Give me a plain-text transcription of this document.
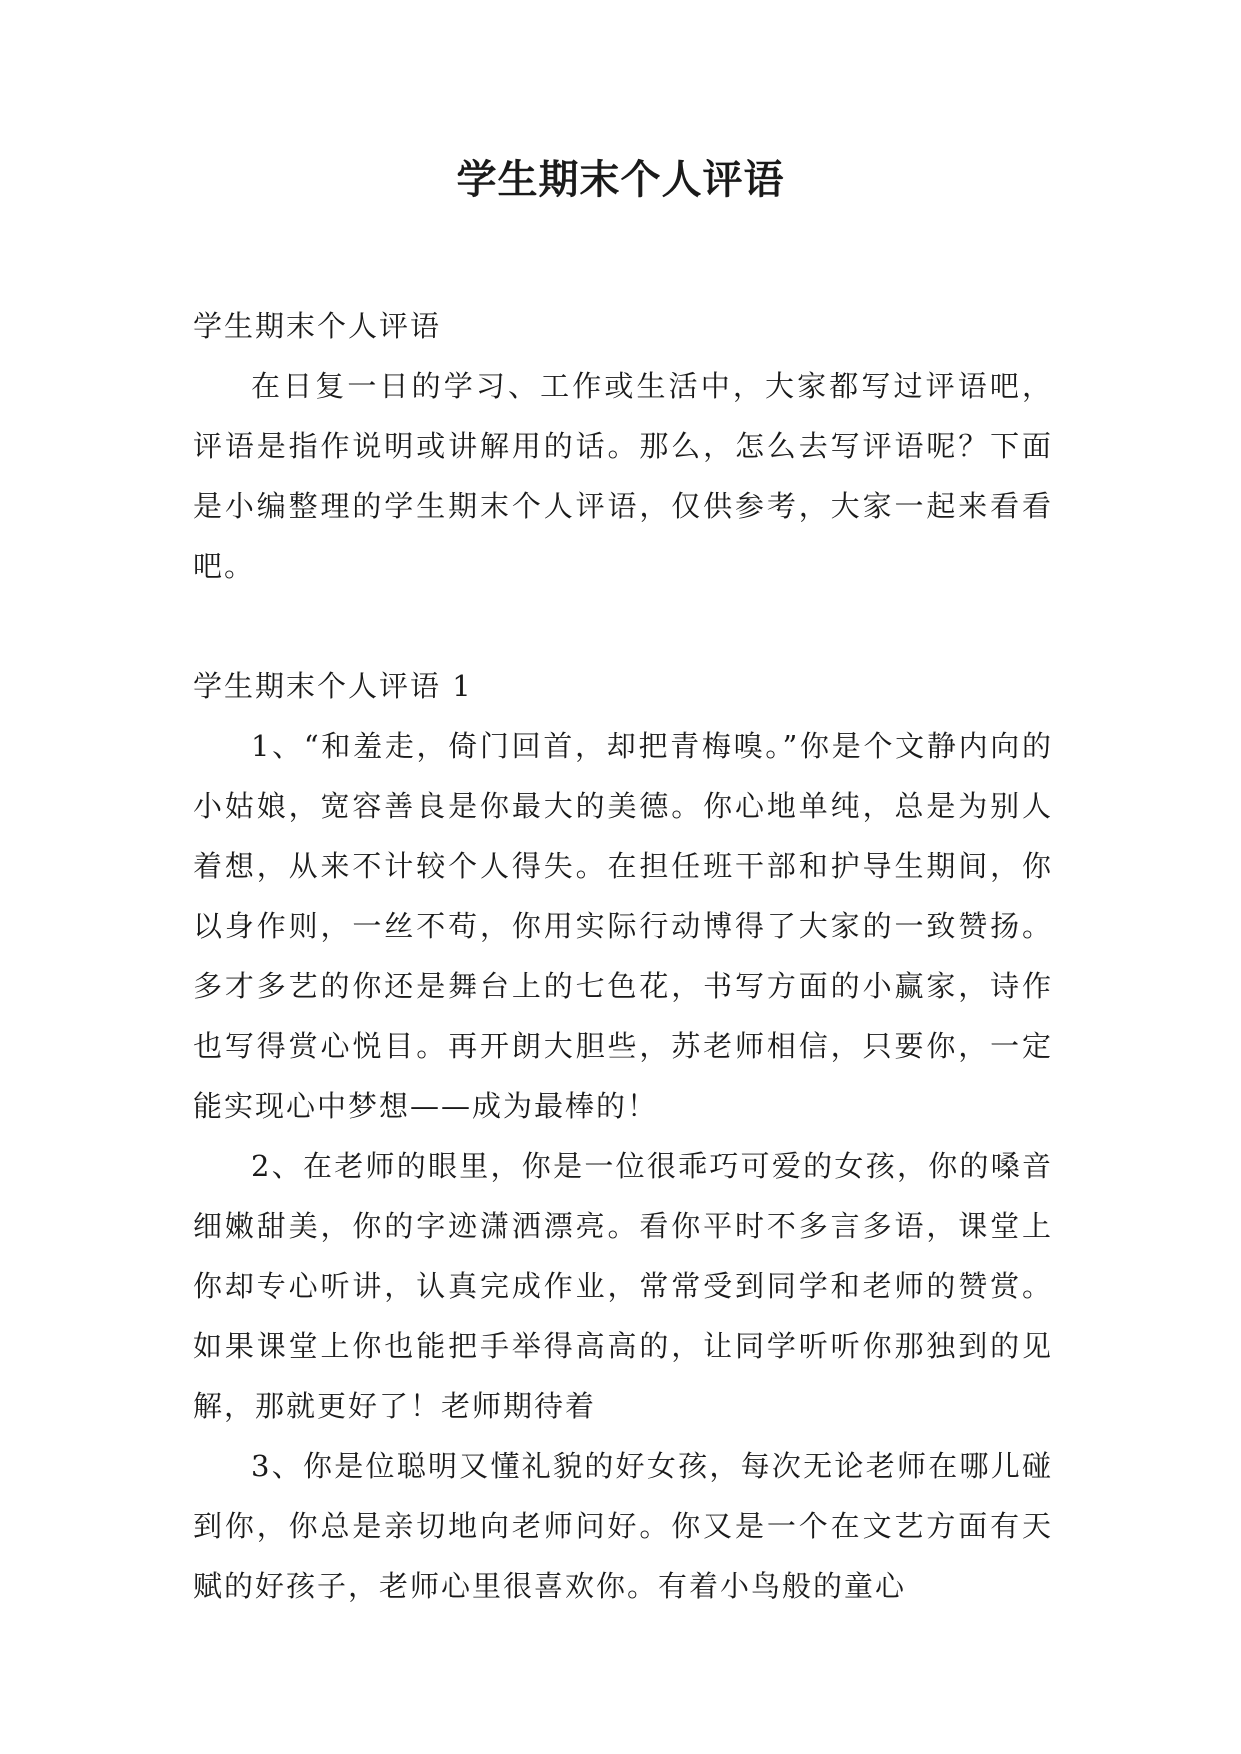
学生期末个人评语

学生期末个人评语

在日复一日的学习、工作或生活中，大家都写过评语吧，评语是指作说明或讲解用的话。那么，怎么去写评语呢？下面是小编整理的学生期末个人评语，仅供参考，大家一起来看看吧。

学生期末个人评语 1

1、“和羞走，倚门回首，却把青梅嗅。”你是个文静内向的小姑娘，宽容善良是你最大的美德。你心地单纯，总是为别人着想，从来不计较个人得失。在担任班干部和护导生期间，你以身作则，一丝不苟，你用实际行动博得了大家的一致赞扬。多才多艺的你还是舞台上的七色花，书写方面的小赢家，诗作也写得赏心悦目。再开朗大胆些，苏老师相信，只要你，一定能实现心中梦想——成为最棒的！

2、在老师的眼里，你是一位很乖巧可爱的女孩，你的嗓音细嫩甜美，你的字迹潇洒漂亮。看你平时不多言多语，课堂上你却专心听讲，认真完成作业，常常受到同学和老师的赞赏。如果课堂上你也能把手举得高高的，让同学听听你那独到的见解，那就更好了！老师期待着

3、你是位聪明又懂礼貌的好女孩，每次无论老师在哪儿碰到你，你总是亲切地向老师问好。你又是一个在文艺方面有天赋的好孩子，老师心里很喜欢你。有着小鸟般的童心
